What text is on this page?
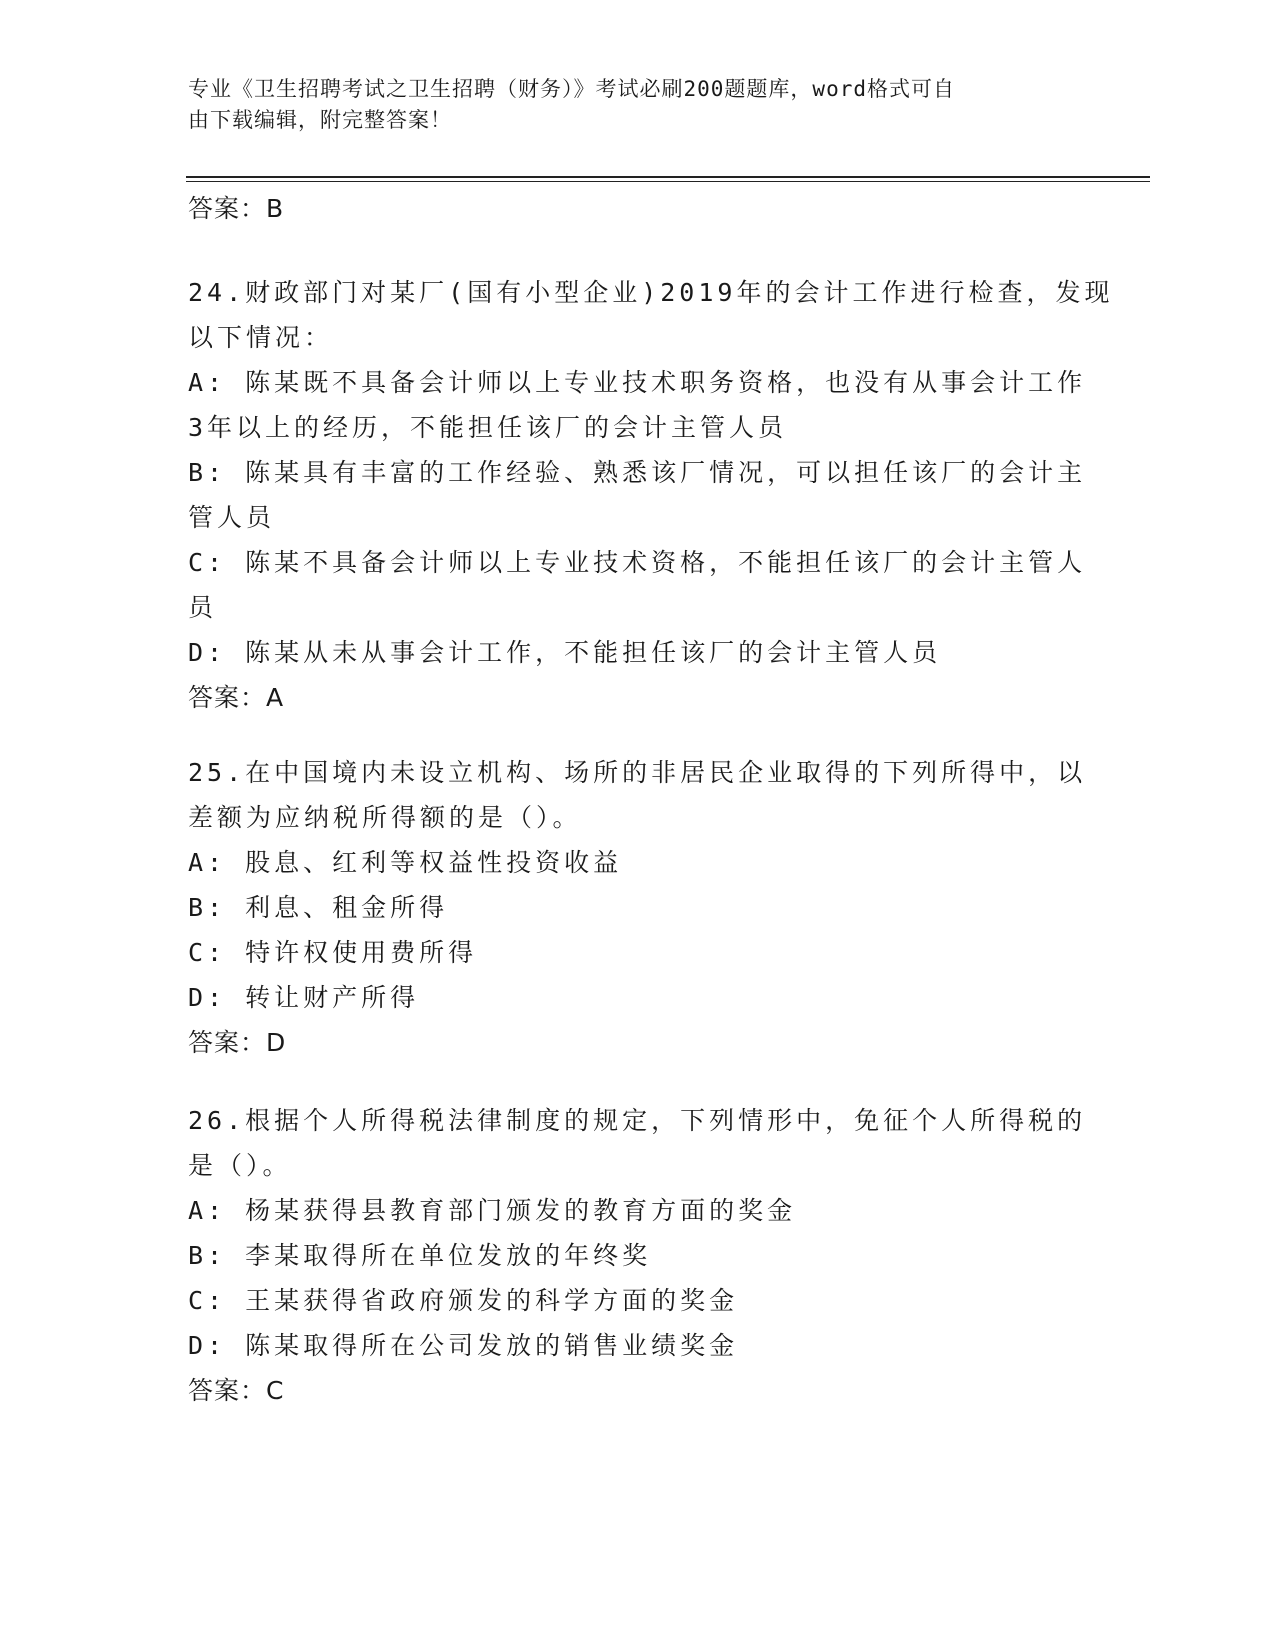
专业《卫生招聘考试之卫生招聘（财务）》考试必刷200题题库，word格式可自
由下载编辑，附完整答案！
答案：B
24.财政部门对某厂(国有小型企业)2019年的会计工作进行检查，发现
以下情况：
A: 陈某既不具备会计师以上专业技术职务资格，也没有从事会计工作
3年以上的经历，不能担任该厂的会计主管人员
B: 陈某具有丰富的工作经验、熟悉该厂情况，可以担任该厂的会计主
管人员
C: 陈某不具备会计师以上专业技术资格，不能担任该厂的会计主管人
员
D: 陈某从未从事会计工作，不能担任该厂的会计主管人员
答案：A
25.在中国境内未设立机构、场所的非居民企业取得的下列所得中，以
差额为应纳税所得额的是（）。
A: 股息、红利等权益性投资收益
B: 利息、租金所得
C: 特许权使用费所得
D: 转让财产所得
答案：D
26.根据个人所得税法律制度的规定，下列情形中，免征个人所得税的
是（）。
A: 杨某获得县教育部门颁发的教育方面的奖金
B: 李某取得所在单位发放的年终奖
C: 王某获得省政府颁发的科学方面的奖金
D: 陈某取得所在公司发放的销售业绩奖金
答案：C
